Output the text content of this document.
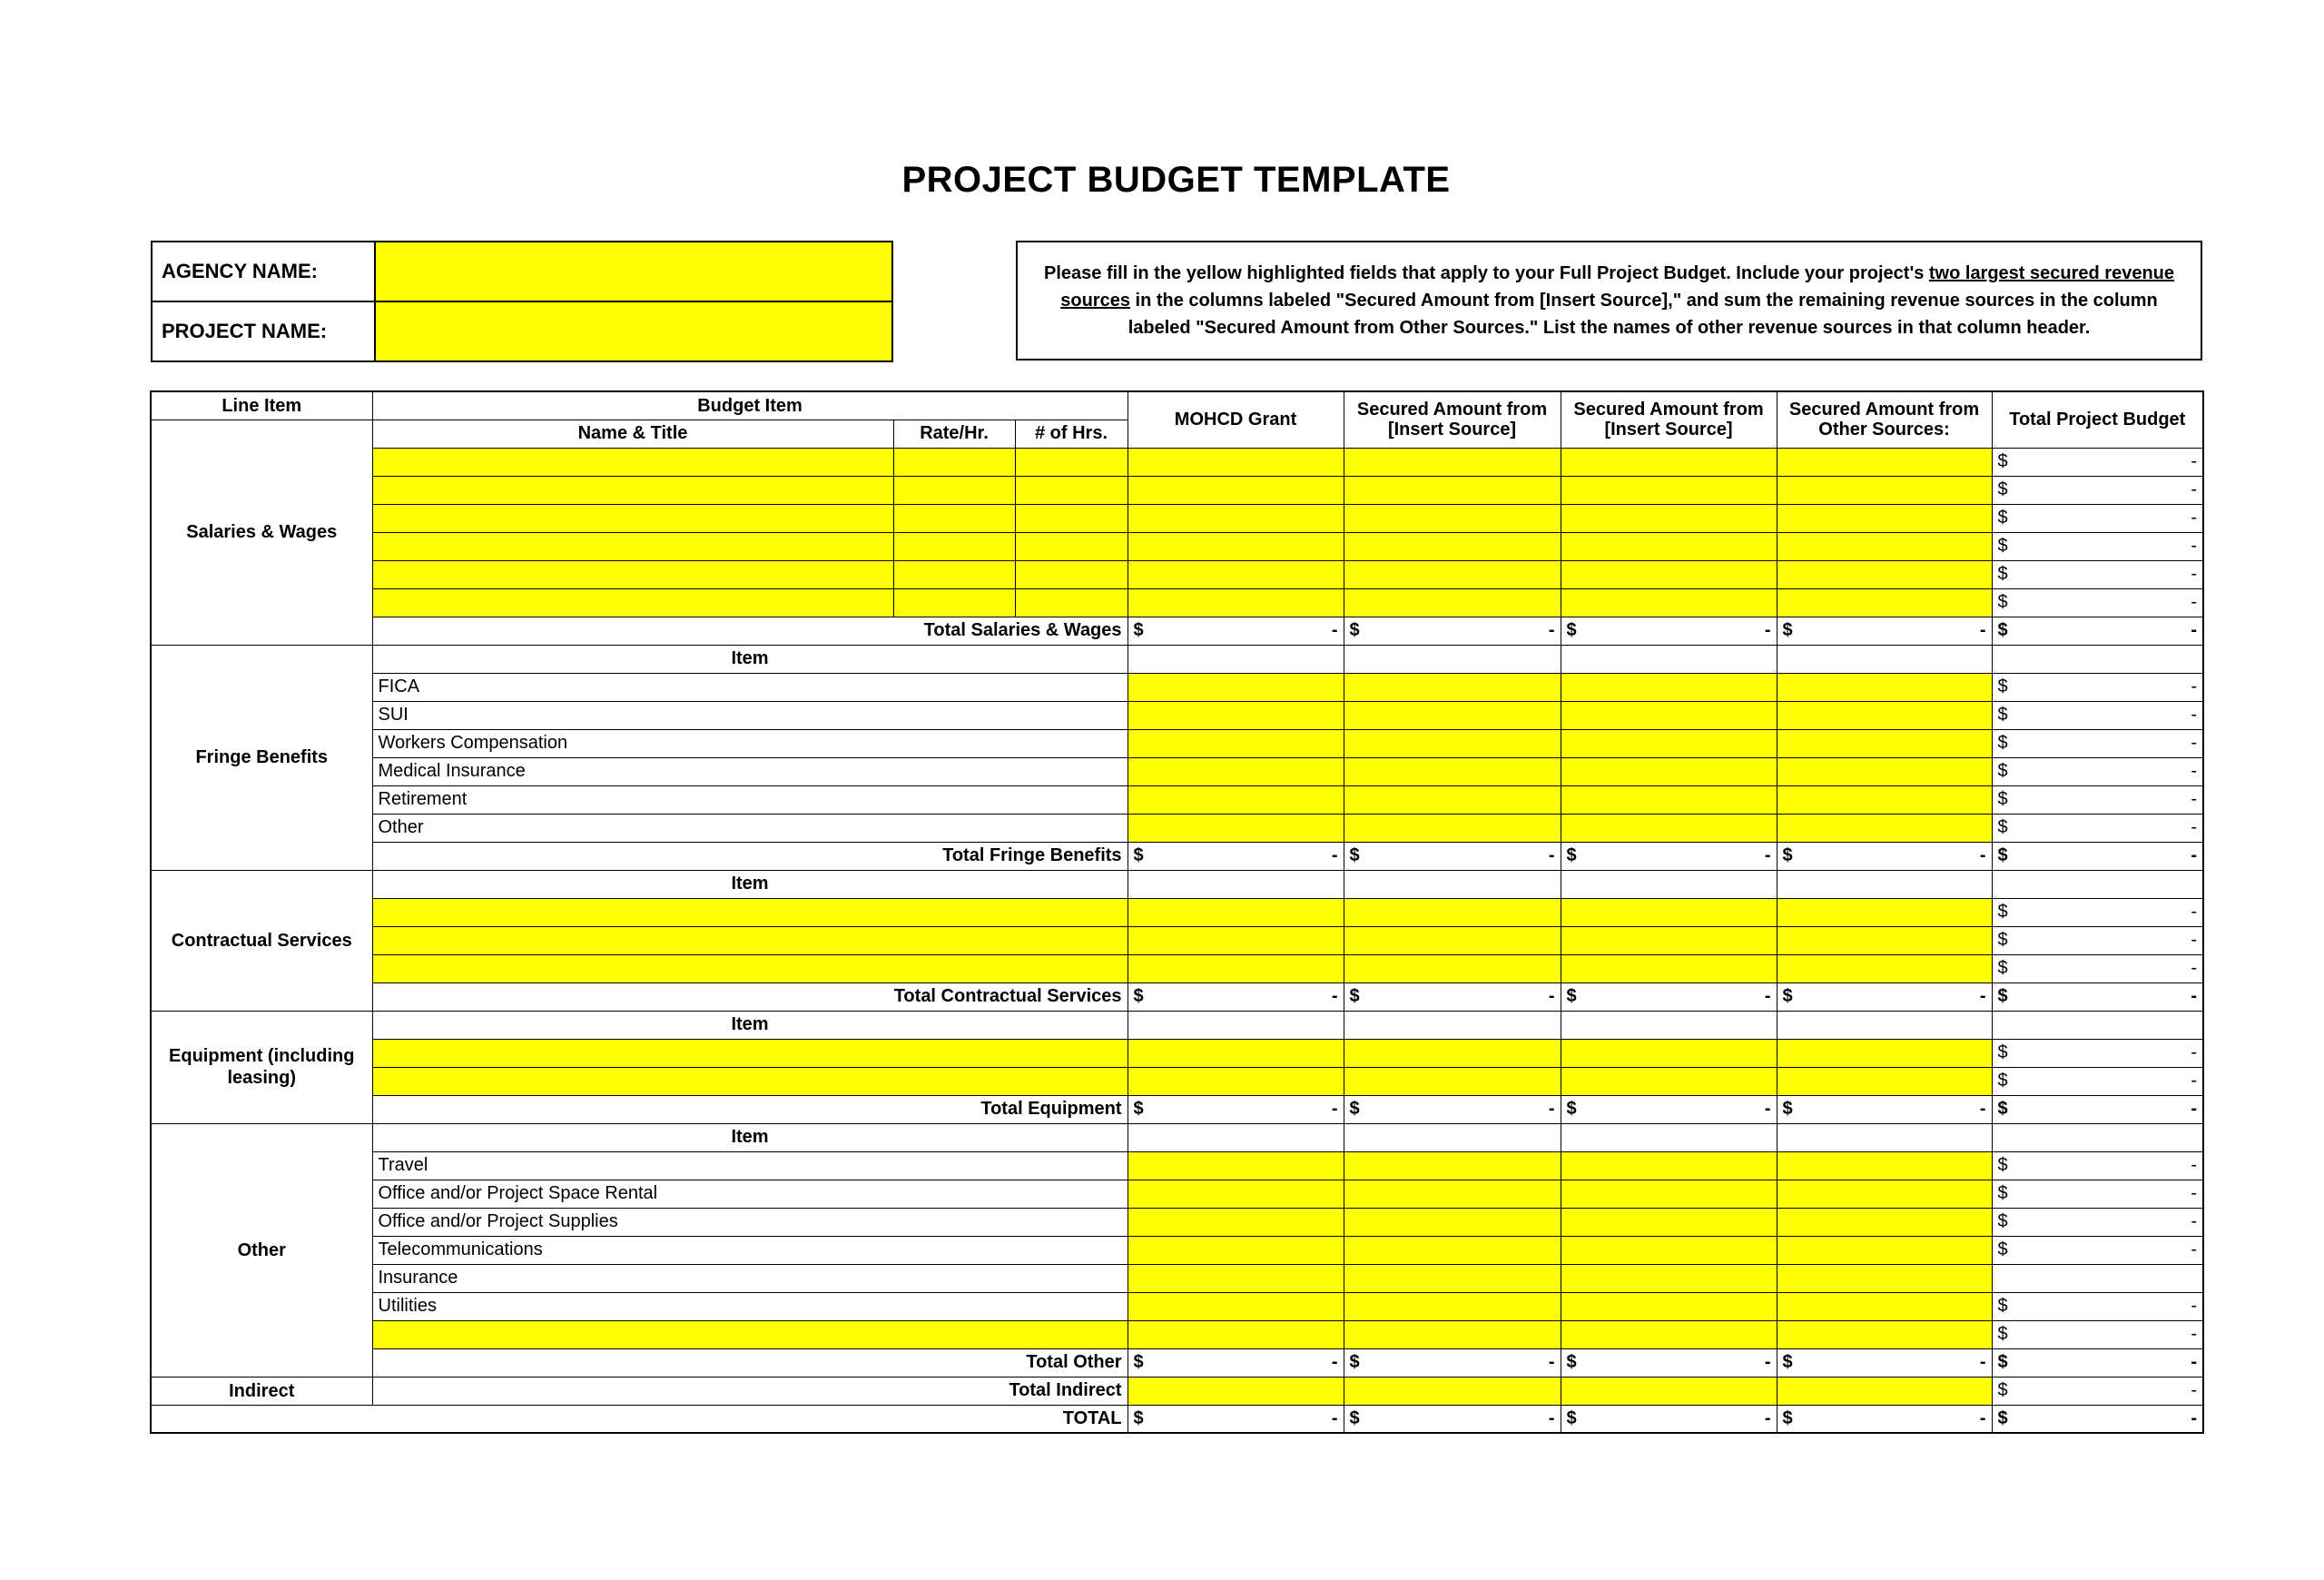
PROJECT BUDGET TEMPLATE
AGENCY NAME:	
PROJECT NAME:	
Please fill in the yellow highlighted fields that apply to your Full Project Budget. Include your project's two largest secured revenue sources in the columns labeled "Secured Amount from [Insert Source]," and sum the remaining revenue sources in the column labeled "Secured Amount from Other Sources." List the names of other revenue sources in that column header.
Line Item	Budget Item			MOHCD Grant	Secured Amount from [Insert Source]	Secured Amount from [Insert Source]	Secured Amount from Other Sources:	Total Project Budget
Salaries & Wages	Name & Title	Rate/Hr.	# of Hrs.					

								$ -

								$ -

								$ -

								$ -

								$ -

								$ -

	Total Salaries & Wages			$ -	$ -	$ -	$ -	$ -

Fringe Benefits	Item							
	FICA							$ -

	SUI							$ -

	Workers Compensation							$ -

	Medical Insurance							$ -

	Retirement							$ -

	Other							$ -

	Total Fringe Benefits			$ -	$ -	$ -	$ -	$ -

Contractual Services	Item							

								$ -

								$ -

								$ -

	Total Contractual Services			$ -	$ -	$ -	$ -	$ -

Equipment (including leasing)	Item							

								$ -

								$ -

	Total Equipment			$ -	$ -	$ -	$ -	$ -

Other	Item							
	Travel							$ -

	Office and/or Project Space Rental							$ -

	Office and/or Project Supplies							$ -

	Telecommunications							$ -

	Insurance							
	Utilities							$ -

								$ -

	Total Other			$ -	$ -	$ -	$ -	$ -

Indirect	Total Indirect							$ -

TOTAL				$ -	$ -	$ -	$ -	$ -
